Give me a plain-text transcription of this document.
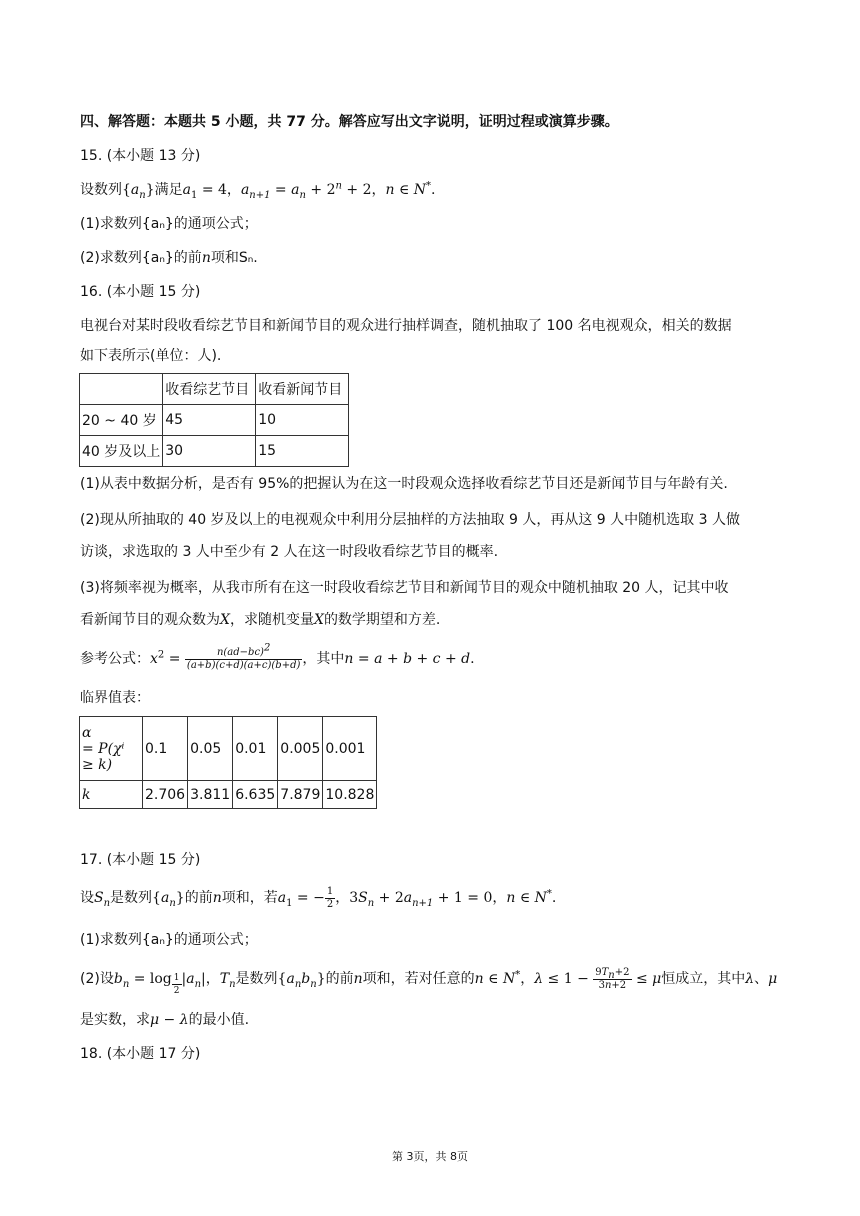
四、解答题：本题共 5 小题，共 77 分。解答应写出文字说明，证明过程或演算步骤。
15. (本小题 13 分)
设数列$\{a_n\}$满足$a_1 = 4$，$a_{n+1} = a_n + 2^n + 2$，n ∈ N*.
(1)求数列{aₙ}的通项公式；
(2)求数列{aₙ}的前n项和Sₙ.
16. (本小题 15 分)
电视台对某时段收看综艺节目和新闻节目的观众进行抽样调查，随机抽取了 100 名电视观众，相关的数据
如下表所示(单位：人).
	收看综艺节目	收看新闻节目
20 ~ 40 岁	45	10
40 岁及以上	30	15
(1)从表中数据分析，是否有 95%的把握认为在这一时段观众选择收看综艺节目还是新闻节目与年龄有关.
(2)现从所抽取的 40 岁及以上的电视观众中利用分层抽样的方法抽取 9 人，再从这 9 人中随机选取 3 人做
访谈，求选取的 3 人中至少有 2 人在这一时段收看综艺节目的概率.
(3)将频率视为概率，从我市所有在这一时段收看综艺节目和新闻节目的观众中随机抽取 20 人，记其中收
看新闻节目的观众数为X，求随机变量X的数学期望和方差.
参考公式：$x^2 = \frac{n(ad-bc)^2}{(a+b)(c+d)(a+c)(b+d)}$ ，其中n = a + b + c + d.
临界值表：
α
= P(χⁱ
≥ k)	0.1	0.05	0.01	0.005	0.001
k	2.706	3.811	6.635	7.879	10.828
17. (本小题 15 分)
设$S_n$是数列$\{a_n\}$的前n项和，若$a_1$ = − $\frac{1}{2}$ ，$3S_n + 2a_{n+1} + 1 = 0$，n ∈ N*.
(1)求数列{aₙ}的通项公式；
(2)设$b_n = \log _{\frac{1}{2}}$ $|a_n|$，$T_n$是数列$\{a_nb_n\}$的前n项和，若对任意的n ∈ N*，$\lambda \le 1 - \frac{9T_n+2}{3n+2} \le \mu$恒成立，其中λ、μ
是实数，求μ − λ的最小值.
18. (本小题 17 分)
第 3页，共 8页
